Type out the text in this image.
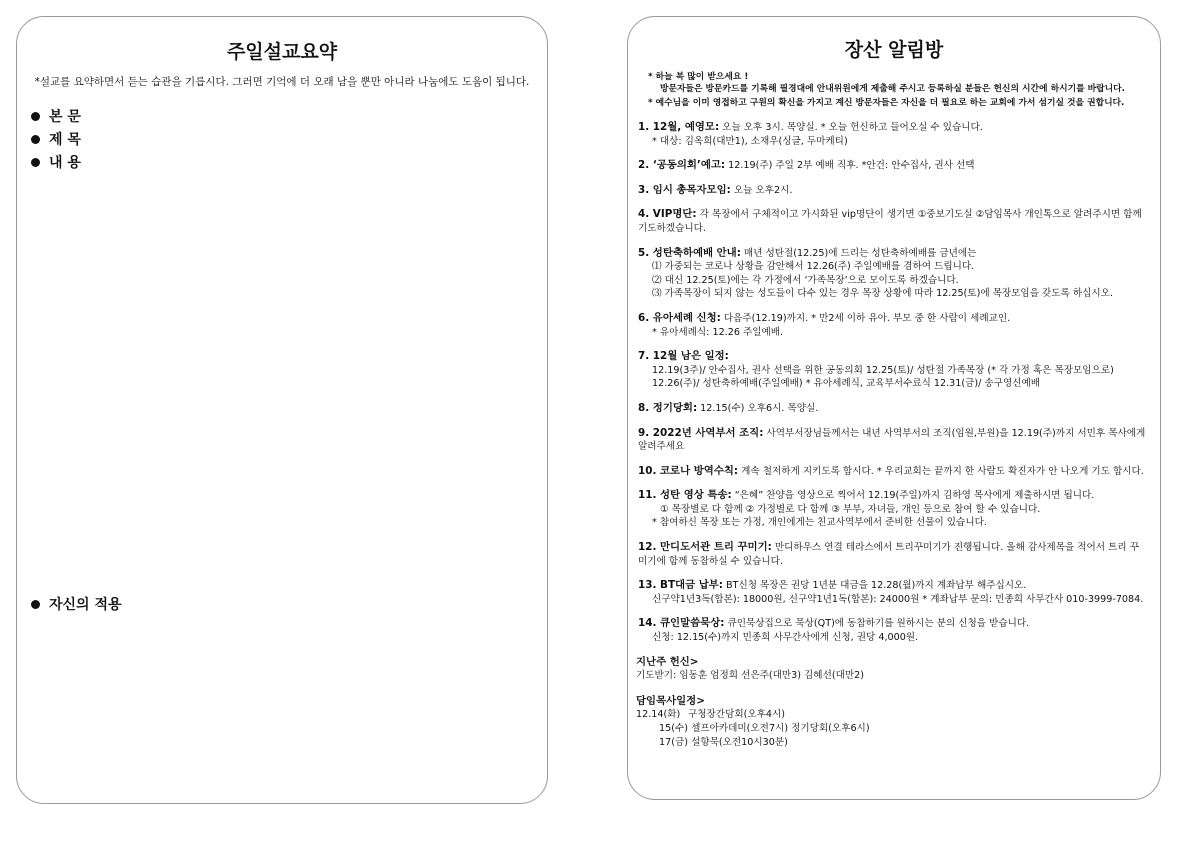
주일설교요약
*설교를 요약하면서 듣는 습관을 기릅시다. 그러면 기억에 더 오래 남을 뿐만 아니라 나눔에도 도움이 됩니다.
본 문
제 목
내 용
자신의 적용
장산 알림방
* 하늘 복 많이 받으세요 !
방문자들은 방문카드를 기록해 필경대에 안내위원에게 제출해 주시고 등록하실 분들은 헌신의 시간에 하시기를 바랍니다.
* 예수님을 이미 영접하고 구원의 확신을 가지고 계신 방문자들은 자신을 더 필요로 하는 교회에 가서 섬기실 것을 권합니다.
1. 12월, 예영모: 오늘 오후 3시. 목양실. * 오늘 헌신하고 들어오실 수 있습니다.
* 대상: 김옥희(대만1), 소재우(싱글, 두마케티)
2. ‘공동의회’예고: 12.19(주) 주일 2부 예배 직후. *안건: 안수집사, 권사 선택
3. 임시 총목자모임: 오늘 오후2시.
4. VIP명단: 각 목장에서 구체적이고 가시화된 vip명단이 생기면 ①중보기도실 ②담임목사 개인톡으로 알려주시면 함께 기도하겠습니다.
5. 성탄축하예배 안내: 매년 성탄절(12.25)에 드리는 성탄축하예배를 금년에는
⑴ 가중되는 코로나 상황을 감안해서 12.26(주) 주일예배를 겸하여 드립니다.
⑵ 대신 12.25(토)에는 각 가정에서 ‘가족목장’으로 모이도록 하겠습니다.
⑶ 가족목장이 되지 않는 성도들이 다수 있는 경우 목장 상황에 따라 12.25(토)에 목장모임을 갖도록 하십시오.
6. 유아세례 신청: 다음주(12.19)까지. * 만2세 이하 유아. 부모 중 한 사람이 세례교인.
* 유아세례식: 12.26 주일예배.
7. 12월 남은 일정:
12.19(3주)/ 안수집사, 권사 선택을 위한 공동의회 12.25(토)/ 성탄절 가족목장 (* 각 가정 혹은 목장모임으로)
12.26(주)/ 성탄축하예배(주일예배) * 유아세례식, 교육부서수료식 12.31(금)/ 송구영신예배
8. 정기당회: 12.15(수) 오후6시. 목양실.
9. 2022년 사역부서 조직: 사역부서장님들께서는 내년 사역부서의 조직(임원,부원)을 12.19(주)까지 서민후 목사에게 알려주세요
10. 코로나 방역수칙: 계속 철저하게 지키도록 합시다. * 우리교회는 끝까지 한 사람도 확진자가 안 나오게 기도 합시다.
11. 성탄 영상 특송: “은혜” 찬양을 영상으로 찍어서 12.19(주일)까지 김하영 목사에게 제출하시면 됩니다.
① 목장별로 다 함께 ② 가정별로 다 함께 ③ 부부, 자녀들, 개인 등으로 참여 할 수 있습니다.
* 참여하신 목장 또는 가정, 개인에게는 친교사역부에서 준비한 선물이 있습니다.
12. 만디도서관 트리 꾸미기: 만디하우스 연결 테라스에서 트리꾸미기가 진행됩니다. 올해 감사제목을 적어서 트리 꾸미기에 함께 동참하실 수 있습니다.
13. BT대금 납부: BT신청 목장은 권당 1년분 대금을 12.28(월)까지 계좌납부 해주십시오.
신구약1년3독(합본): 18000원, 신구약1년1독(합본): 24000원 * 계좌납부 문의: 민종희 사무간사 010-3999-7084.
14. 큐인말씀묵상: 큐인묵상집으로 묵상(QT)에 동참하기를 원하시는 분의 신청을 받습니다.
신청: 12.15(수)까지 민종희 사무간사에게 신청, 권당 4,000원.
지난주 헌신>
기도받기: 임동훈 엄정희 선은주(대만3) 김혜선(대만2)
담임목사일정>
12.14(화) 구청장간담회(오후4시)
15(수) 셀프아카데미(오전7시) 정기당회(오후6시)
17(금) 설향묵(오전10시30분)
